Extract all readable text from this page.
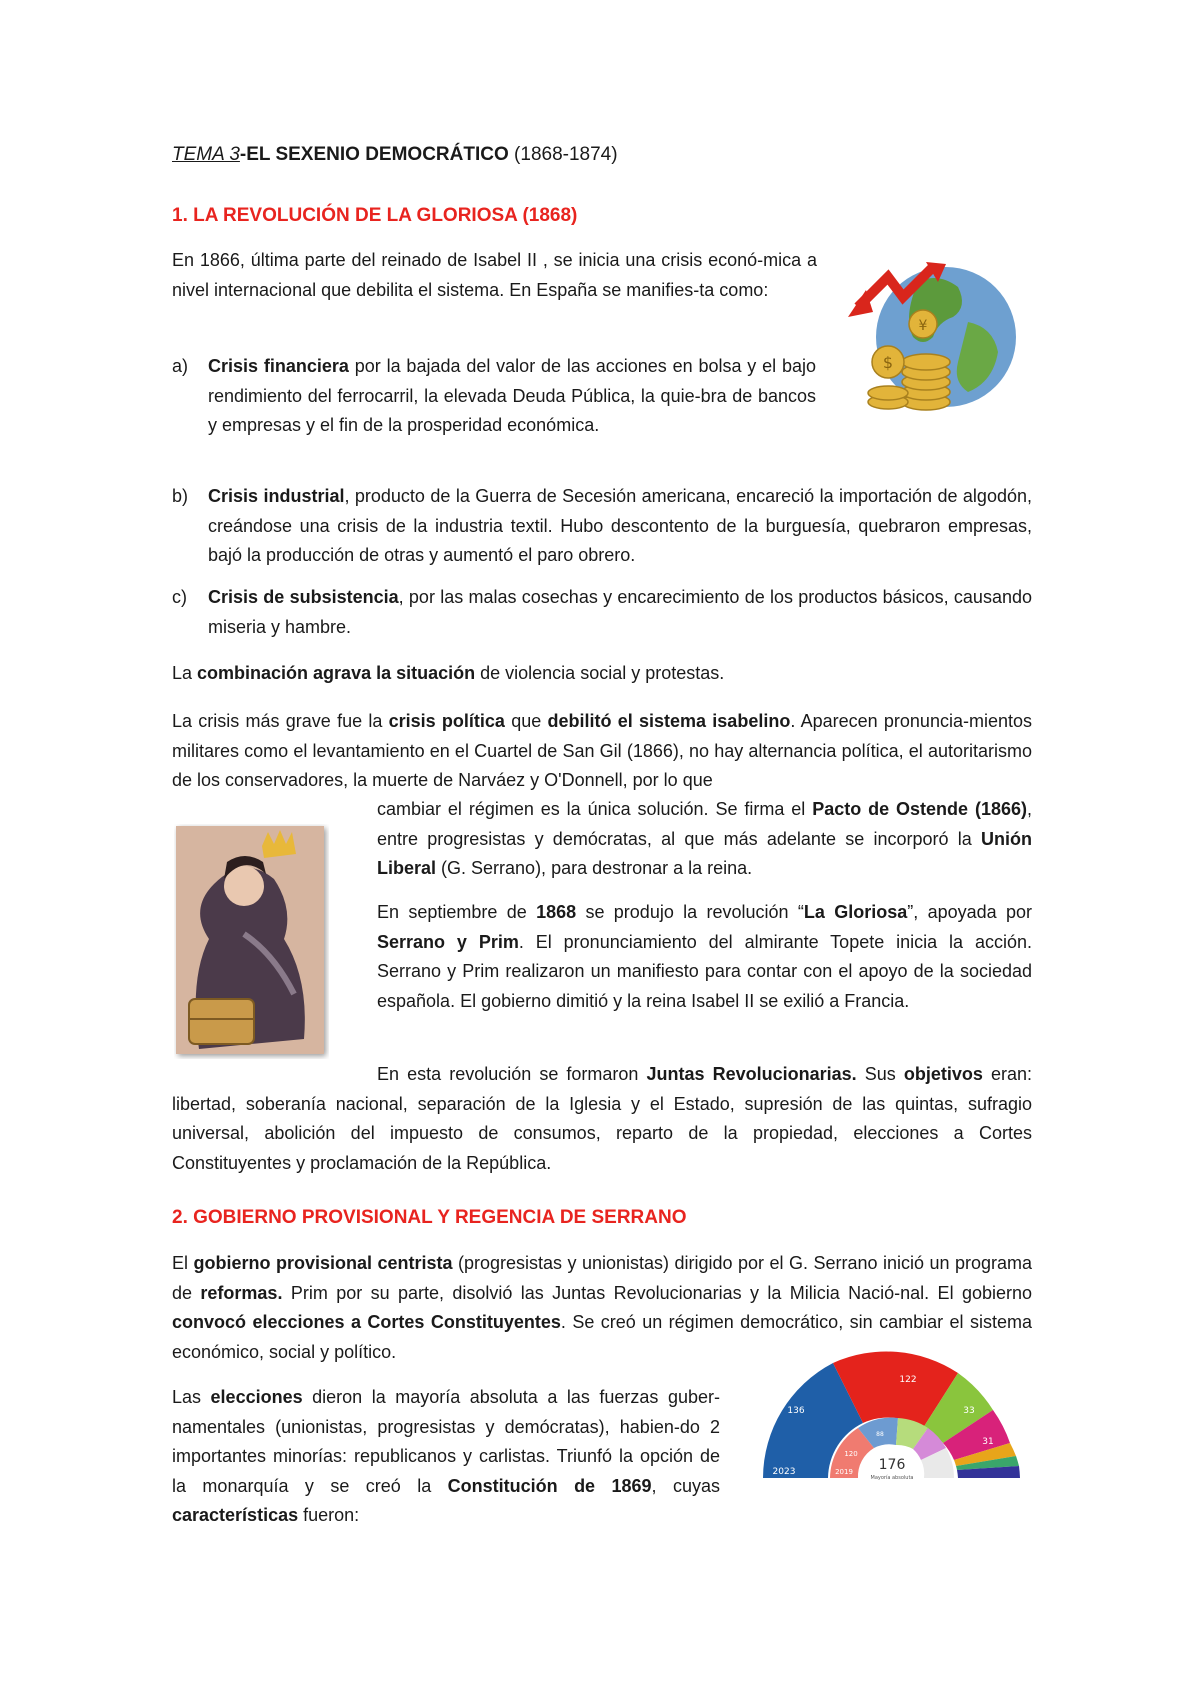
TEMA 3-EL SEXENIO DEMOCRÁTICO (1868-1874)

1. LA REVOLUCIÓN DE LA GLORIOSA (1868)

En 1866, última parte del reinado de Isabel II , se inicia una crisis econó-mica a nivel internacional que debilita el sistema. En España se manifies-ta como:

$
¥
a) Crisis financiera por la bajada del valor de las acciones en bolsa y el bajo rendimiento del ferrocarril, la elevada Deuda Pública, la quie-bra de bancos y empresas y el fin de la prosperidad económica.

b) Crisis industrial, producto de la Guerra de Secesión americana, encareció la importación de algodón, creándose una crisis de la industria textil. Hubo descontento de la burguesía, quebraron empresas, bajó la producción de otras y aumentó el paro obrero.

c) Crisis de subsistencia, por las malas cosechas y encarecimiento de los productos básicos, causando miseria y hambre.

La combinación agrava la situación de violencia social y protestas.

La crisis más grave fue la crisis política que debilitó el sistema isabelino. Aparecen pronuncia-mientos militares como el levantamiento en el Cuartel de San Gil (1866), no hay alternancia política, el autoritarismo de los conservadores, la muerte de Narváez y O'Donnell, por lo que

cambiar el régimen es la única solución. Se firma el Pacto de Ostende (1866), entre progresistas y demócratas, al que más adelante se incorporó la Unión Liberal (G. Serrano), para destronar a la reina.

En septiembre de 1868 se produjo la revolución “La Gloriosa”, apoyada por Serrano y Prim. El pronunciamiento del almirante Topete inicia la acción. Serrano y Prim realizaron un manifiesto para contar con el apoyo de la sociedad española. El gobierno dimitió y la reina Isabel II se exilió a Francia.

En esta revolución se formaron Juntas Revolucionarias. Sus objetivos eran: libertad, soberanía nacional, separación de la Iglesia y el Estado, supresión de las quintas, sufragio universal, abolición del impuesto de consumos, reparto de la propiedad, elecciones a Cortes Constituyentes y proclamación de la República.

2. GOBIERNO PROVISIONAL Y REGENCIA DE SERRANO

El gobierno provisional centrista (progresistas y unionistas) dirigido por el G. Serrano inició un programa de reformas. Prim por su parte, disolvió las Juntas Revolucionarias y la Milicia Nació-nal. El gobierno convocó elecciones a Cortes Constituyentes. Se creó un régimen democrático, sin cambiar el sistema económico, social y político.

Las elecciones dieron la mayoría absoluta a las fuerzas guber-namentales (unionistas, progresistas y demócratas), habien-do 2 importantes minorías: republicanos y carlistas. Triunfó la opción de la monarquía y se creó la Constitución de 1869, cuyas características fueron:

136
122
33
31
2023	2019
120
88
176
Mayoría absoluta
